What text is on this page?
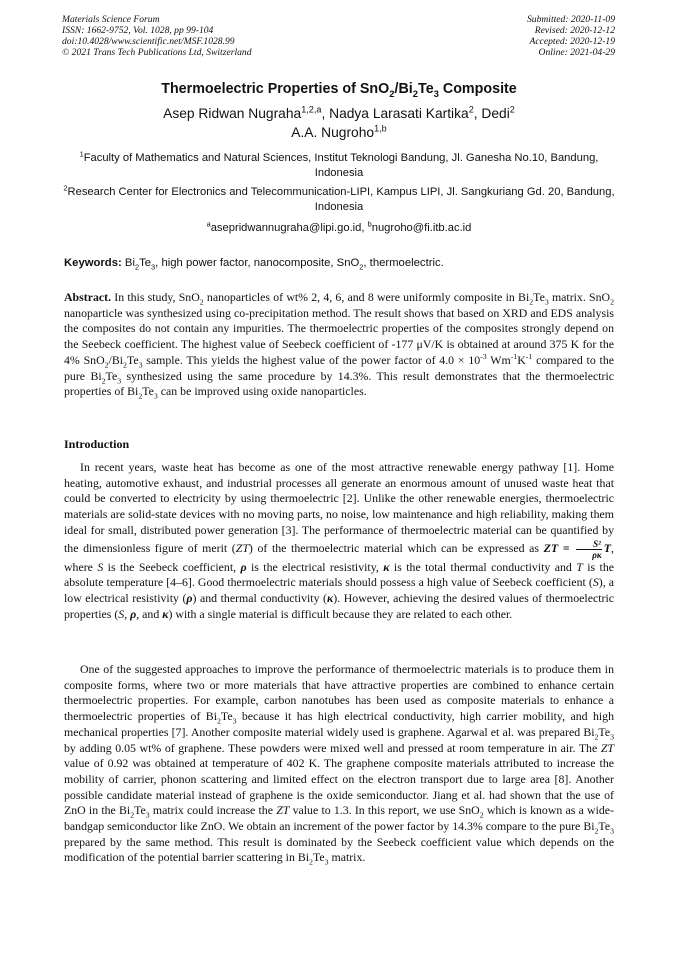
Materials Science Forum
ISSN: 1662-9752, Vol. 1028, pp 99-104
doi:10.4028/www.scientific.net/MSF.1028.99
© 2021 Trans Tech Publications Ltd, Switzerland
Submitted: 2020-11-09
Revised: 2020-12-12
Accepted: 2020-12-19
Online: 2021-04-29
Thermoelectric Properties of $SnO_2/Bi_2Te_3$ Composite
Asep Ridwan Nugraha$^{1,2,a}$, Nadya Larasati Kartika$^2$, Dedi$^2$
A.A. Nugroho$^{1,b}$
$^1$Faculty of Mathematics and Natural Sciences, Institut Teknologi Bandung, Jl. Ganesha No.10, Bandung, Indonesia
$^2$Research Center for Electronics and Telecommunication-LIPI, Kampus LIPI, Jl. Sangkuriang Gd. 20, Bandung, Indonesia
$^a$asepridwannugraha@lipi.go.id, $^b$nugroho@fi.itb.ac.id
Keywords: $Bi_2Te_3$, high power factor, nanocomposite, SnO$_2$, thermoelectric.
Abstract. In this study, SnO$_2$ nanoparticles of wt% 2, 4, 6, and 8 were uniformly composite in $Bi_2Te_3$ matrix. SnO$_2$ nanoparticle was synthesized using co-precipitation method. The result shows that based on XRD and EDS analysis the composites do not contain any impurities. The thermoelectric properties of the composites strongly depend on the Seebeck coefficient. The highest value of Seebeck coefficient of -177 μV/K is obtained at around 375 K for the 4% $SnO_2/Bi_2Te_3$ sample. This yields the highest value of the power factor of $4.0 \times 10^{-3}$ $Wm^{-1}K^{-1}$ compared to the pure $Bi_2Te_3$ synthesized using the same procedure by 14.3%. This result demonstrates that the thermoelectric properties of $Bi_2Te_3$ can be improved using oxide nanoparticles.
Introduction
In recent years, waste heat has become as one of the most attractive renewable energy pathway [1]. Home heating, automotive exhaust, and industrial processes all generate an enormous amount of unused waste heat that could be converted to electricity by using thermoelectric [2]. Unlike the other renewable energies, thermoelectric materials are solid-state devices with no moving parts, no noise, low maintenance and high reliability, making them ideal for small, distributed power generation [3]. The performance of thermoelectric material can be quantified by the dimensionless figure of merit (ZT) of the thermoelectric material which can be expressed as ZT = $\frac{\text{S²}}{\rho\kappa} T$, where S is the Seebeck coefficient, ρ is the electrical resistivity, κ is the total thermal conductivity and T is the absolute temperature [4–6]. Good thermoelectric materials should possess a high value of Seebeck coefficient (S), a low electrical resistivity (ρ) and thermal conductivity (κ). However, achieving the desired values of thermoelectric properties (S, ρ, and κ) with a single material is difficult because they are related to each other.
One of the suggested approaches to improve the performance of thermoelectric materials is to produce them in composite forms, where two or more materials that have attractive properties are combined to enhance certain thermoelectric properties. For example, carbon nanotubes has been used as composite materials to enhance a thermoelectric properties of $Bi_2Te_3$ because it has high electrical conductivity, high carrier mobility, and high mechanical properties [7]. Another composite material widely used is graphene. Agarwal et al. was prepared $Bi_2Te_3$ by adding 0.05 wt% of graphene. These powders were mixed well and pressed at room temperature in air. The ZT value of 0.92 was obtained at temperature of 402 K. The graphene composite materials attributed to increase the mobility of carrier, phonon scattering and limited effect on the electron transport due to large area [8]. Another possible candidate material instead of graphene is the oxide semiconductor. Jiang et al. had shown that the use of ZnO in the $Bi_2Te_3$ matrix could increase the ZT value to 1.3. In this report, we use SnO$_2$ which is known as a wide-bandgap semiconductor like ZnO. We obtain an increment of the power factor by 14.3% compare to the pure $Bi_2Te_3$ prepared by the same method. This result is dominated by the Seebeck coefficient value which depends on the modification of the potential barrier scattering in $Bi_2Te_3$ matrix.
